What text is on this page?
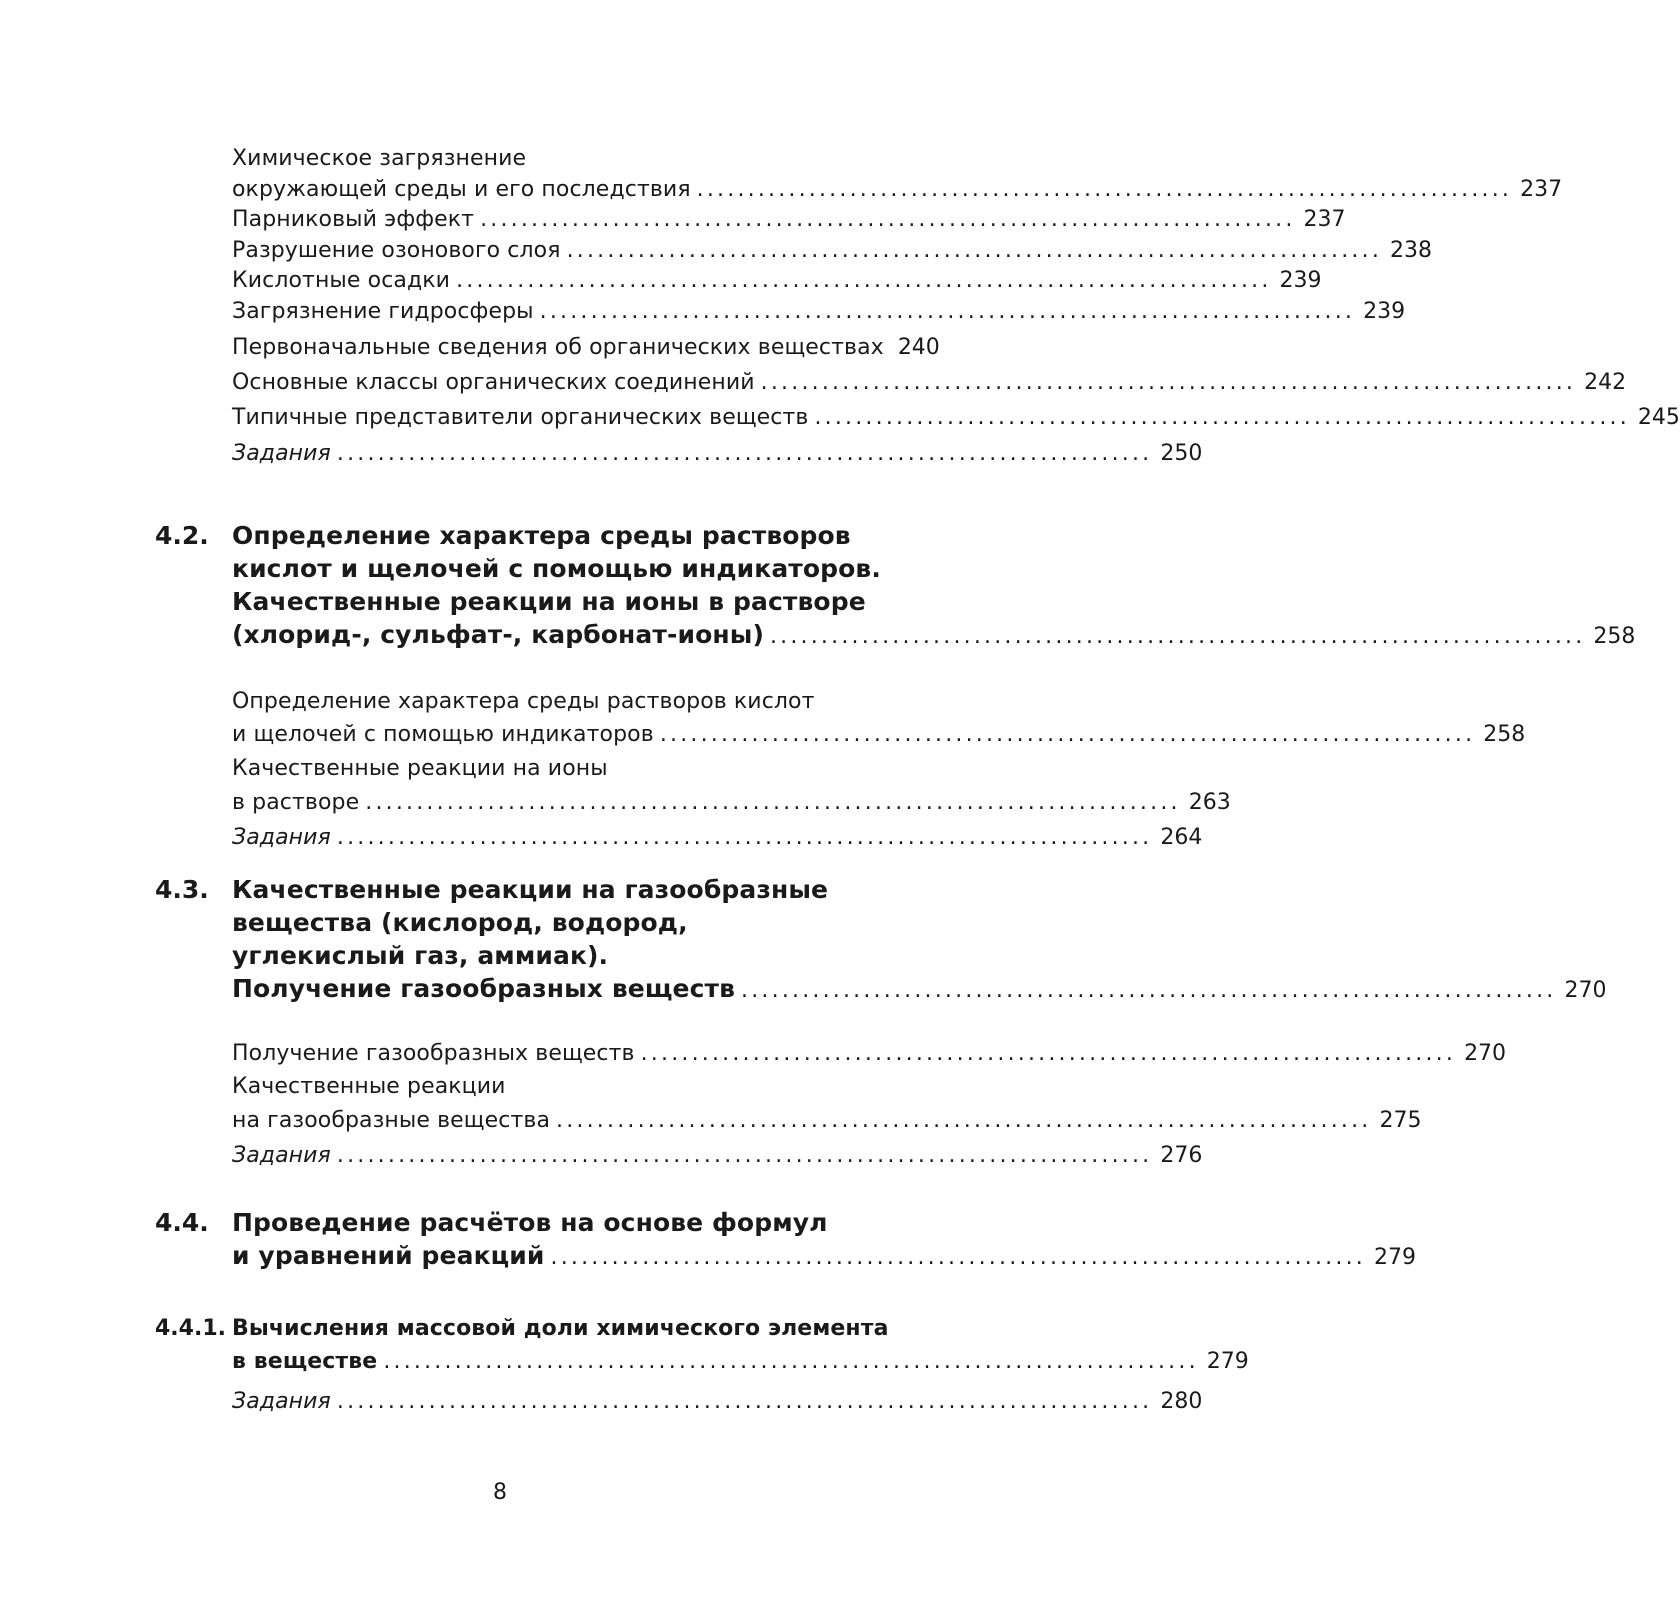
Химическое загрязнение
окружающей среды и его последствия ................................................................................ 237
Парниковый эффект ................................................................................ 237
Разрушение озонового слоя ................................................................................ 238
Кислотные осадки ................................................................................ 239
Загрязнение гидросферы ................................................................................ 239
Первоначальные сведения об органических веществах 240
Основные классы органических соединений ................................................................................ 242
Типичные представители органических веществ ................................................................................ 245
Задания ................................................................................ 250
4.2. Определение характера среды растворов
кислот и щелочей с помощью индикаторов.
Качественные реакции на ионы в растворе
(хлорид-, сульфат-, карбонат-ионы) ................................................................................ 258
Определение характера среды растворов кислот
и щелочей с помощью индикаторов ................................................................................ 258
Качественные реакции на ионы
в растворе ................................................................................ 263
Задания ................................................................................ 264
4.3. Качественные реакции на газообразные
вещества (кислород, водород,
углекислый газ, аммиак).
Получение газообразных веществ ................................................................................ 270
Получение газообразных веществ ................................................................................ 270
Качественные реакции
на газообразные вещества ................................................................................ 275
Задания ................................................................................ 276
4.4. Проведение расчётов на основе формул
и уравнений реакций ................................................................................ 279
4.4.1. Вычисления массовой доли химического элемента
в веществе ................................................................................ 279
Задания ................................................................................ 280
8
